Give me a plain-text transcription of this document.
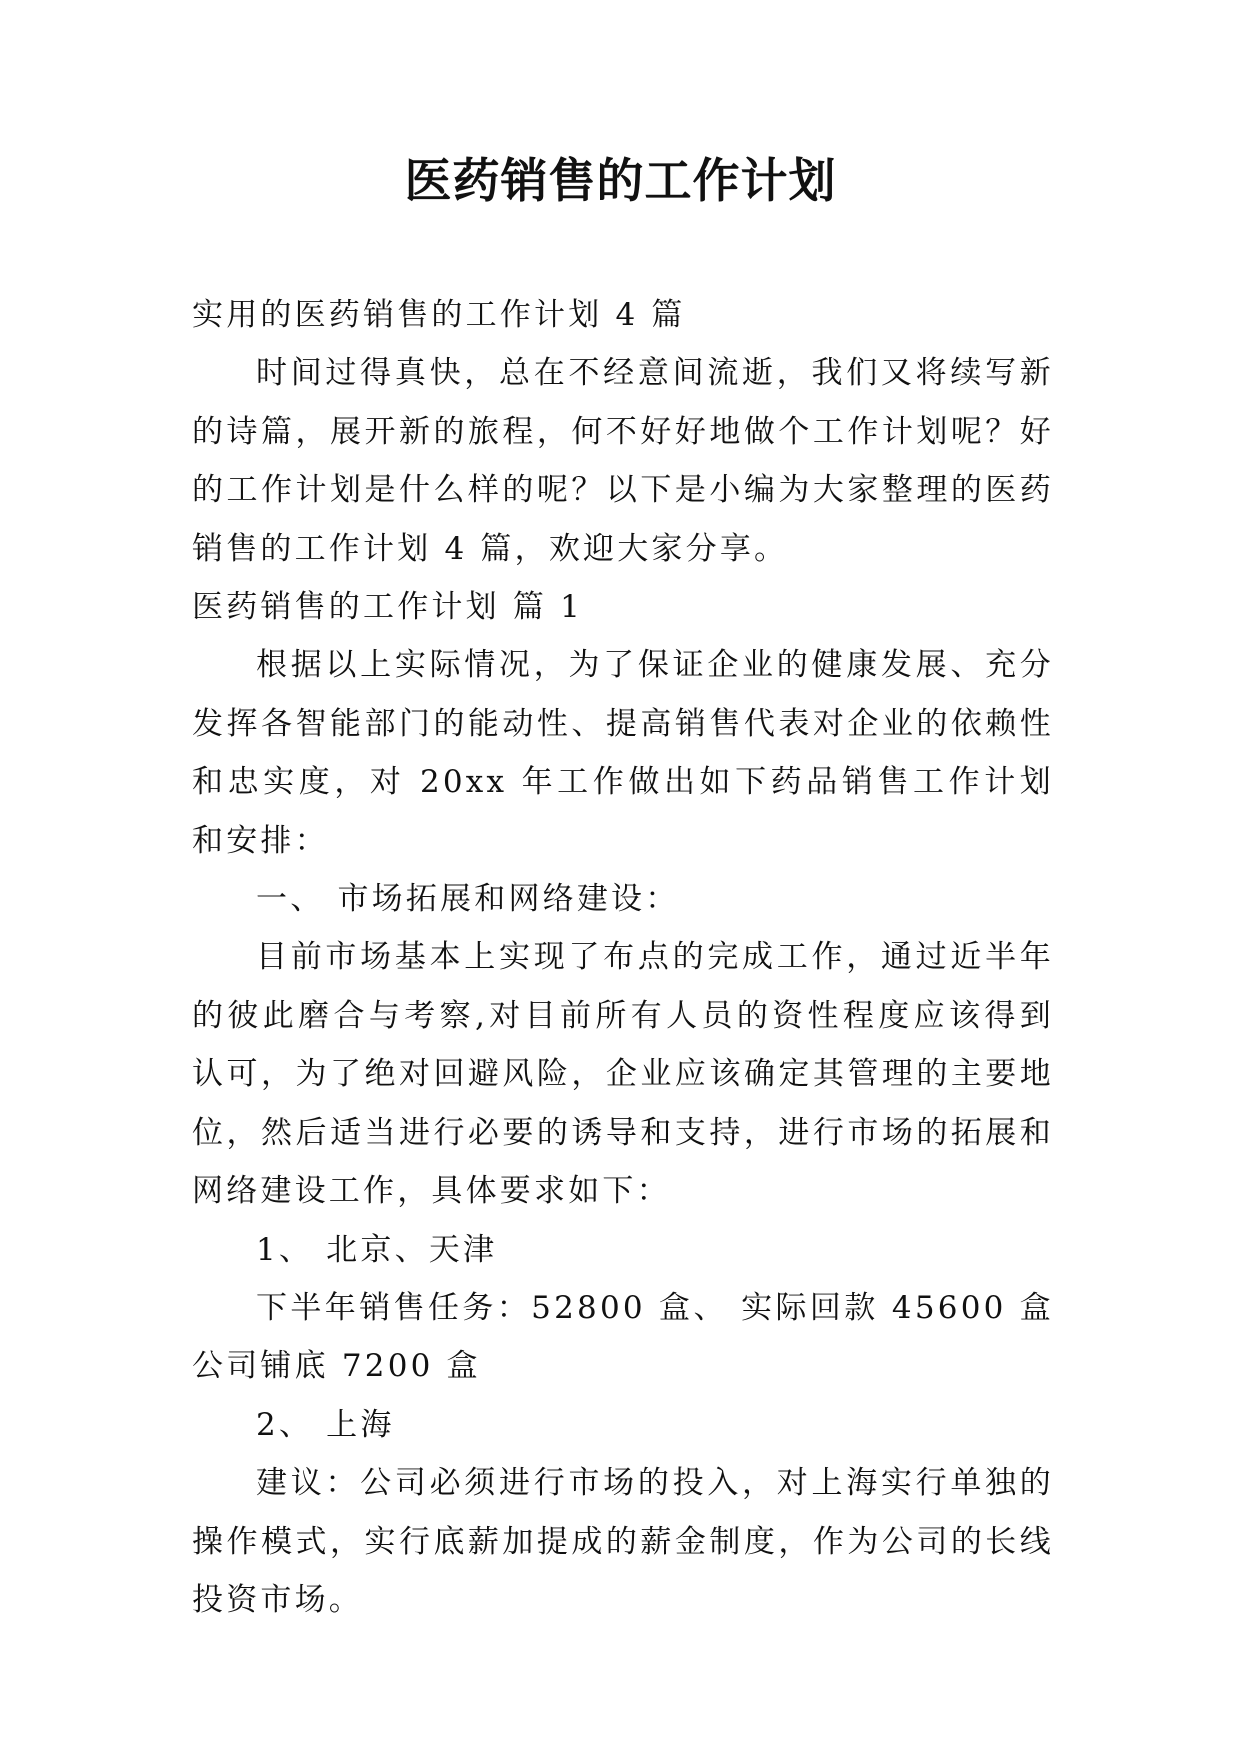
医药销售的工作计划

实用的医药销售的工作计划 4 篇

时间过得真快，总在不经意间流逝，我们又将续写新的诗篇，展开新的旅程，何不好好地做个工作计划呢？好的工作计划是什么样的呢？以下是小编为大家整理的医药销售的工作计划 4 篇，欢迎大家分享。

医药销售的工作计划 篇 1

根据以上实际情况，为了保证企业的健康发展、充分发挥各智能部门的能动性、提高销售代表对企业的依赖性和忠实度，对 20xx 年工作做出如下药品销售工作计划和安排：

一、 市场拓展和网络建设：

目前市场基本上实现了布点的完成工作，通过近半年的彼此磨合与考察,对目前所有人员的资性程度应该得到认可，为了绝对回避风险，企业应该确定其管理的主要地位，然后适当进行必要的诱导和支持，进行市场的拓展和网络建设工作，具体要求如下：

1、 北京、天津

下半年销售任务：52800 盒、 实际回款 45600 盒 公司铺底 7200 盒

2、 上海

建议：公司必须进行市场的投入，对上海实行单独的操作模式，实行底薪加提成的薪金制度，作为公司的长线投资市场。
